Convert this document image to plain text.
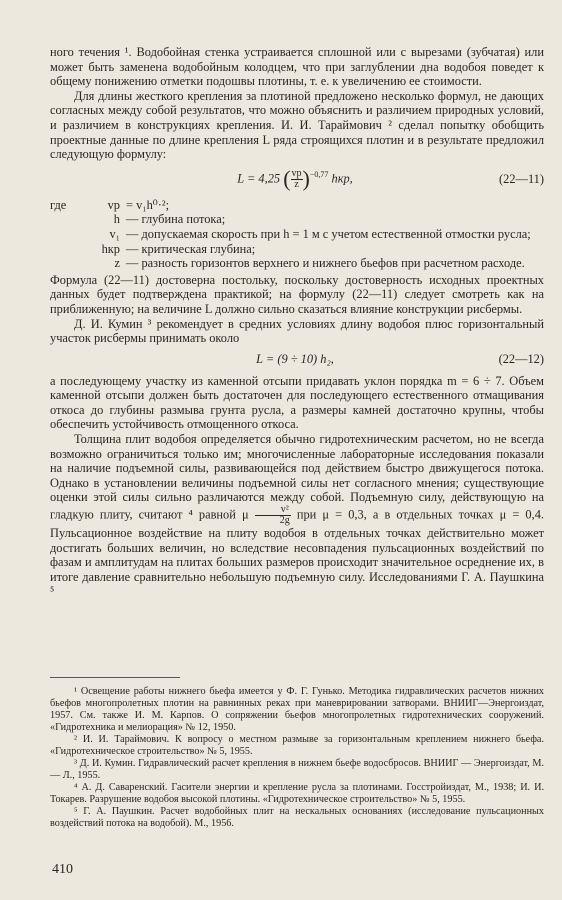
ного течения ¹. Водобойная стенка устраивается сплошной или с вырезами (зубчатая) или может быть заменена водобойным колодцем, что при заглублении дна водобоя поведет к общему понижению отметки подошвы плотины, т. е. к увеличению ее стоимости.

Для длины жесткого крепления за плотиной предложено несколько формул, не дающих согласных между собой результатов, что можно объяснить и различием природных условий, и различием в конструкциях крепления. И. И. Тараймович ² сделал попытку обобщить проектные данные по длине крепления L ряда строящихся плотин и в результате предложил следующую формулу:

L = 4,25 ( $\frac{vр}{z} )^{-0,77}$ hкр,	(22—11)
где	vр = v₁h⁰·²;
h — глубина потока;
v₁ — допускаемая скорость при h = 1 м с учетом естественной отмостки русла;
hкр — критическая глубина;
z — разность горизонтов верхнего и нижнего бьефов при расчетном расходе.

Формула (22—11) достоверна постольку, поскольку достоверность исходных проектных данных будет подтверждена практикой; на формулу (22—11) следует смотреть как на приближенную; на величине L должно сильно сказаться влияние конструкции рисбермы.

Д. И. Кумин ³ рекомендует в средних условиях длину водобоя плюс горизонтальный участок рисбермы принимать около

L = (9 ÷ 10) h₂,	(22—12)

а последующему участку из каменной отсыпи придавать уклон порядка m = 6 ÷ 7. Объем каменной отсыпи должен быть достаточен для последующего естественного отмащивания откоса до глубины размыва грунта русла, а размеры камней достаточно крупны, чтобы обеспечить устойчивость отмощенного откоса.

Толщина плит водобоя определяется обычно гидротехническим расчетом, но не всегда возможно ограничиться только им; многочисленные лабораторные исследования показали на наличие подъемной силы, развивающейся под действием быстро движущегося потока. Однако в установлении величины подъемной силы нет согласного мнения; существующие оценки этой силы сильно различаются между собой. Подъемную силу, действующую на гладкую плиту, считают ⁴ равной μ $\frac{\text{v²}}{2g}$ при μ = 0,3, а в отдельных точках μ = 0,4. Пульсационное воздействие на плиту водобоя в отдельных точках действительно может достигать больших величин, но вследствие несовпадения пульсационных воздействий по фазам и амплитудам на плитах больших размеров происходит значительное осреднение их, в итоге давление сравнительно небольшую подъемную силу. Исследованиями Г. А. Паушкина ⁵

¹ Освещение работы нижнего бьефа имеется у Ф. Г. Гунько. Методика гидравлических расчетов нижних бьефов многопролетных плотин на равнинных реках при маневрировании затворами. ВНИИГ—Энергоиздат, 1957. См. также И. М. Карпов. О сопряжении бьефов многопролетных гидротехнических сооружений. «Гидротехника и мелиорация» № 12, 1950.

² И. И. Тараймович. К вопросу о местном размыве за горизонтальным креплением нижнего бьефа. «Гидротехническое строительство» № 5, 1955.

³ Д. И. Кумин. Гидравлический расчет крепления в нижнем бьефе водосбросов. ВНИИГ — Энергоиздат, М. — Л., 1955.

⁴ А. Д. Саваренский. Гасители энергии и крепление русла за плотинами. Госстройиздат, М., 1938; И. И. Токарев. Разрушение водобоя высокой плотины. «Гидротехническое строительство» № 5, 1955.

⁵ Г. А. Паушкин. Расчет водобойных плит на нескальных основаниях (исследование пульсационных воздействий потока на водобой). М., 1956.

410
